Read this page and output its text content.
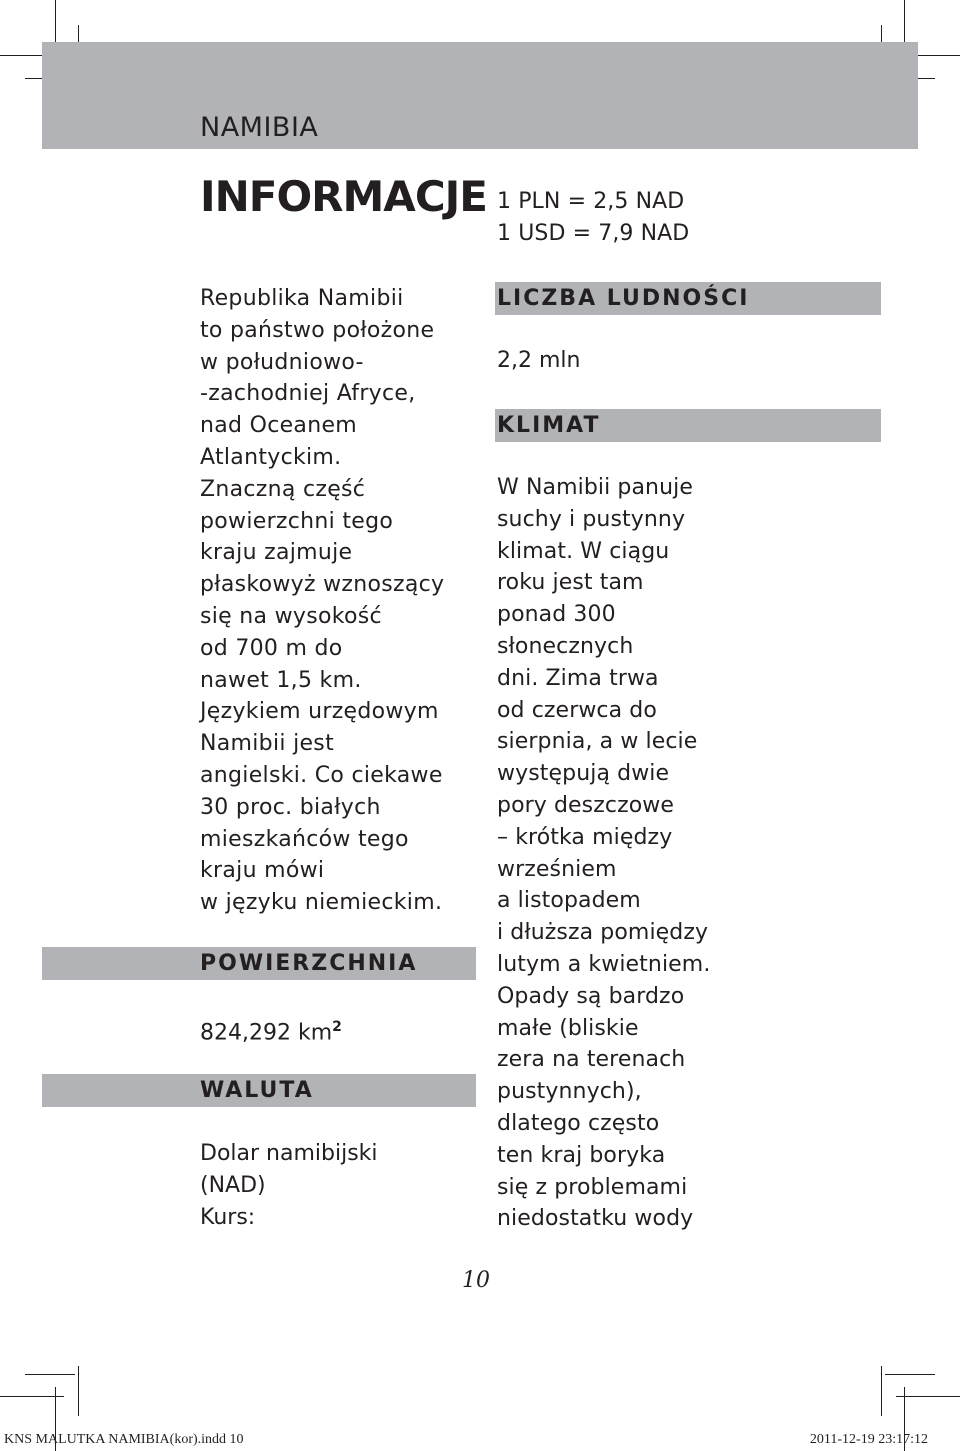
NAMIBIA
INFORMACJE
Republika Namibii
to państwo położone
w południowo-
-zachodniej Afryce,
nad Oceanem
Atlantyckim.
Znaczną część
powierzchni tego
kraju zajmuje
płaskowyż wznoszący
się na wysokość
od 700 m do
nawet 1,5 km.
Językiem urzędowym
Namibii jest
angielski. Co ciekawe
30 proc. białych
mieszkańców tego
kraju mówi
w języku niemieckim.
POWIERZCHNIA
824,292 $km^2$
WALUTA
Dolar namibijski
(NAD)
Kurs:
1 PLN = 2,5 NAD
1 USD = 7,9 NAD
LICZBA LUDNOŚCI
2,2 mln
KLIMAT
W Namibii panuje
suchy i pustynny
klimat. W ciągu
roku jest tam
ponad 300
słonecznych
dni. Zima trwa
od czerwca do
sierpnia, a w lecie
występują dwie
pory deszczowe
– krótka między
wrześniem
a listopadem
i dłuższa pomiędzy
lutym a kwietniem.
Opady są bardzo
małe (bliskie
zera na terenach
pustynnych),
dlatego często
ten kraj boryka
się z problemami
niedostatku wody
10
KNS MALUTKA NAMIBIA(kor).indd 10	2011-12-19 23:17:12
